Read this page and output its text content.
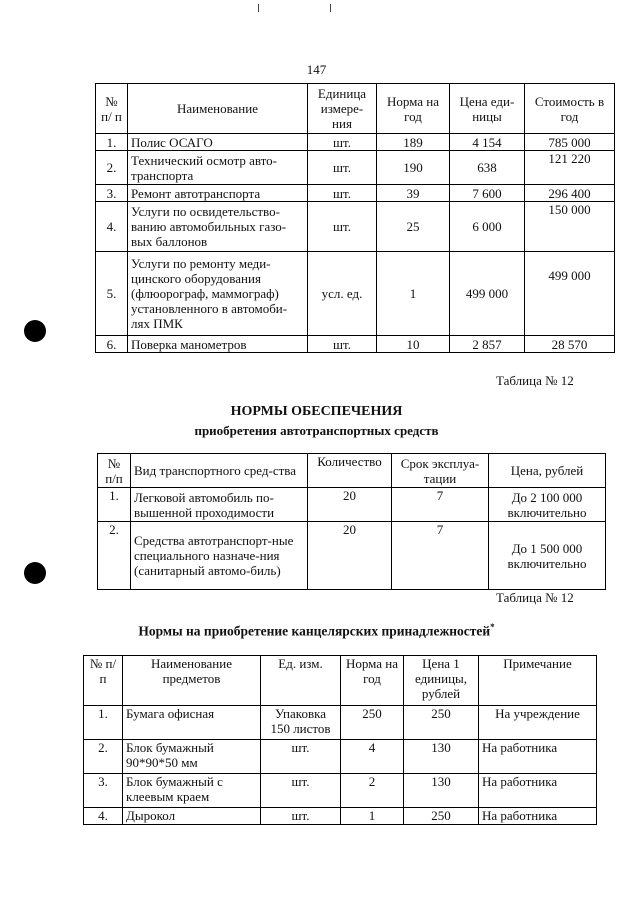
147
№ п/ п	Наименование	Единица измере-ния	Норма на год	Цена еди-ницы	Стоимость в год
1.	Полис ОСАГО	шт.	189	4 154	785 000
2.	Технический осмотр авто-транспорта	шт.	190	638	121 220
3.	Ремонт автотранспорта	шт.	39	7 600	296 400
4.	Услуги по освидетельство-ванию автомобильных газо-вых баллонов	шт.	25	6 000	150 000
5.	Услуги по ремонту меди-цинского оборудования (флюорограф, маммограф) установленного в автомоби-лях ПМК	усл. ед.	1	499 000	499 000
6.	Поверка манометров	шт.	10	2 857	28 570
Таблица № 12
НОРМЫ ОБЕСПЕЧЕНИЯ
приобретения автотранспортных средств
№ п/п	Вид транспортного сред-ства	Количество	Срок эксплуа-тации	Цена, рублей
1.	Легковой автомобиль по-вышенной проходимости	20	7	До 2 100 000 включительно
2.	Средства автотранспорт-ные специального назначе-ния (санитарный автомо-биль)	20	7	До 1 500 000 включительно
Таблица № 12
Нормы на приобретение канцелярских принадлежностей*
№ п/п	Наименование предметов	Ед. изм.	Норма на год	Цена 1 единицы, рублей	Примечание
1.	Бумага офисная	Упаковка 150 листов	250	250	На учреждение
2.	Блок бумажный 90*90*50 мм	шт.	4	130	На работника
3.	Блок бумажный с клеевым краем	шт.	2	130	На работника
4.	Дырокол	шт.	1	250	На работника
